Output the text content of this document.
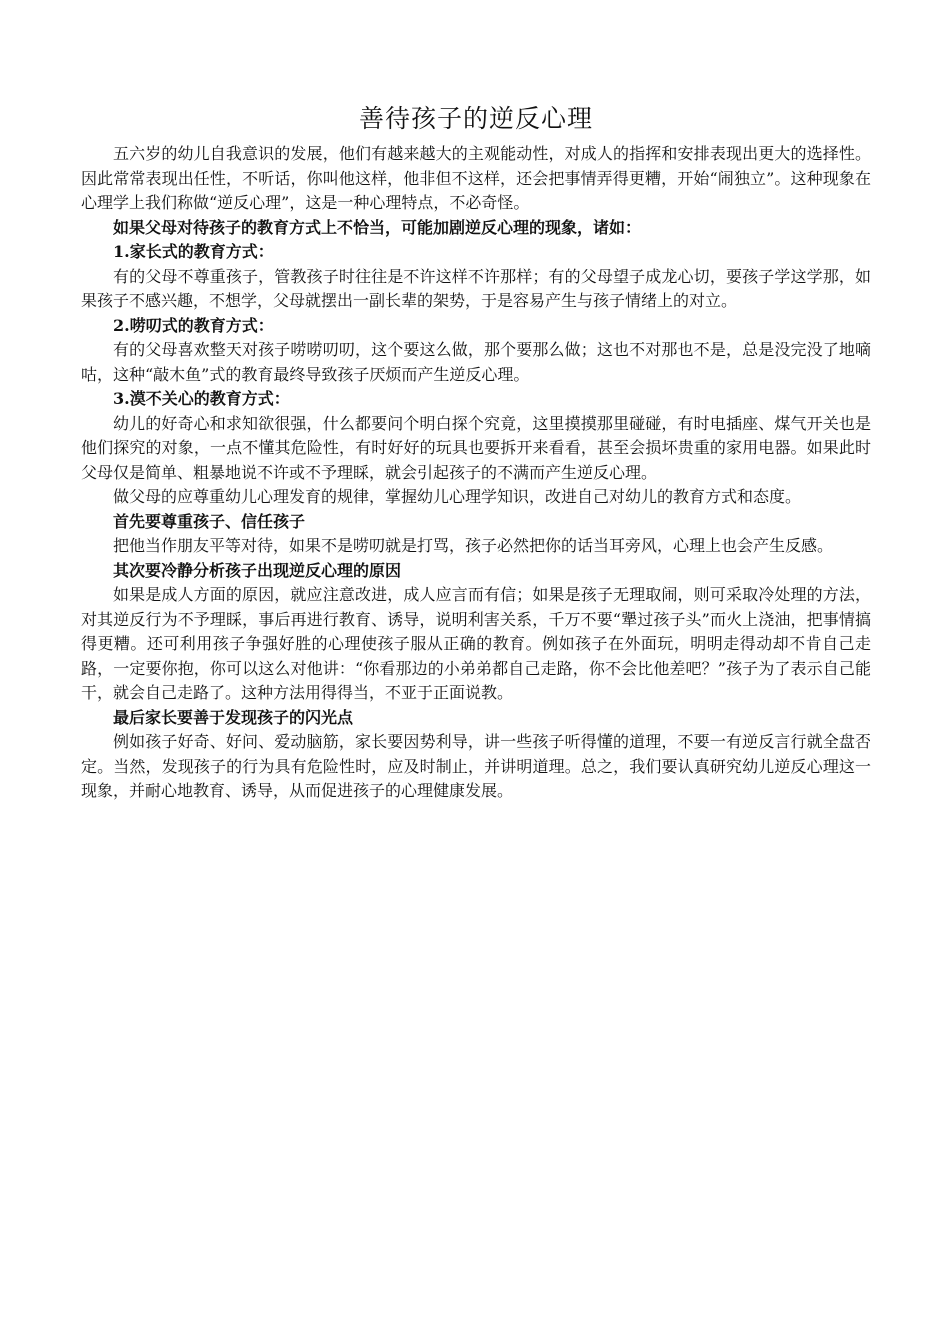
善待孩子的逆反心理

五六岁的幼儿自我意识的发展，他们有越来越大的主观能动性，对成人的指挥和安排表现出更大的选择性。因此常常表现出任性，不听话，你叫他这样，他非但不这样，还会把事情弄得更糟，开始“闹独立”。这种现象在心理学上我们称做“逆反心理”，这是一种心理特点，不必奇怪。

如果父母对待孩子的教育方式上不恰当，可能加剧逆反心理的现象，诸如：

1.家长式的教育方式：

有的父母不尊重孩子，管教孩子时往往是不许这样不许那样；有的父母望子成龙心切，要孩子学这学那，如果孩子不感兴趣，不想学，父母就摆出一副长辈的架势，于是容易产生与孩子情绪上的对立。

2.唠叨式的教育方式：

有的父母喜欢整天对孩子唠唠叨叨，这个要这么做，那个要那么做；这也不对那也不是，总是没完没了地嘀咕，这种“敲木鱼”式的教育最终导致孩子厌烦而产生逆反心理。

3.漠不关心的教育方式：

幼儿的好奇心和求知欲很强，什么都要问个明白探个究竟，这里摸摸那里碰碰，有时电插座、煤气开关也是他们探究的对象，一点不懂其危险性，有时好好的玩具也要拆开来看看，甚至会损坏贵重的家用电器。如果此时父母仅是简单、粗暴地说不许或不予理睬，就会引起孩子的不满而产生逆反心理。

做父母的应尊重幼儿心理发育的规律，掌握幼儿心理学知识，改进自己对幼儿的教育方式和态度。

首先要尊重孩子、信任孩子

把他当作朋友平等对待，如果不是唠叨就是打骂，孩子必然把你的话当耳旁风，心理上也会产生反感。

其次要冷静分析孩子出现逆反心理的原因

如果是成人方面的原因，就应注意改进，成人应言而有信；如果是孩子无理取闹，则可采取冷处理的方法，对其逆反行为不予理睬，事后再进行教育、诱导，说明利害关系，千万不要“犟过孩子头”而火上浇油，把事情搞得更糟。还可利用孩子争强好胜的心理使孩子服从正确的教育。例如孩子在外面玩，明明走得动却不肯自己走路，一定要你抱，你可以这么对他讲：“你看那边的小弟弟都自己走路，你不会比他差吧？”孩子为了表示自己能干，就会自己走路了。这种方法用得得当，不亚于正面说教。

最后家长要善于发现孩子的闪光点

例如孩子好奇、好问、爱动脑筋，家长要因势利导，讲一些孩子听得懂的道理，不要一有逆反言行就全盘否定。当然，发现孩子的行为具有危险性时，应及时制止，并讲明道理。总之，我们要认真研究幼儿逆反心理这一现象，并耐心地教育、诱导，从而促进孩子的心理健康发展。
